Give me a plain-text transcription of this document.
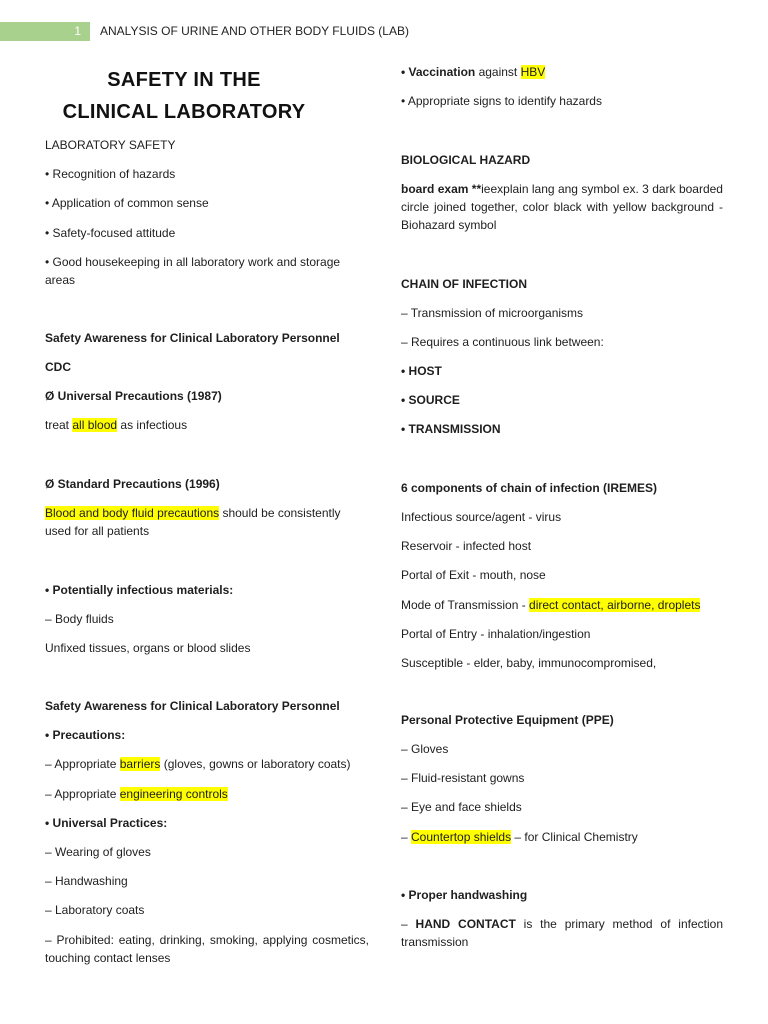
1	ANALYSIS OF URINE AND OTHER BODY FLUIDS (LAB)
SAFETY IN THE
CLINICAL LABORATORY
LABORATORY SAFETY
• Recognition of hazards
• Application of common sense
• Safety-focused attitude
• Good housekeeping in all laboratory work and storage areas
Safety Awareness for Clinical Laboratory Personnel
CDC
Ø Universal Precautions (1987)
treat all blood as infectious
Ø Standard Precautions (1996)
Blood and body fluid precautions should be consistently used for all patients
• Potentially infectious materials:
– Body fluids
Unfixed tissues, organs or blood slides
Safety Awareness for Clinical Laboratory Personnel
• Precautions:
– Appropriate barriers (gloves, gowns or laboratory coats)
– Appropriate engineering controls
• Universal Practices:
– Wearing of gloves
– Handwashing
– Laboratory coats
– Prohibited: eating, drinking, smoking, applying cosmetics, touching contact lenses
• Vaccination against HBV
• Appropriate signs to identify hazards
BIOLOGICAL HAZARD
board exam **ieexplain lang ang symbol ex. 3 dark boarded circle joined together, color black with yellow background - Biohazard symbol
CHAIN OF INFECTION
– Transmission of microorganisms
– Requires a continuous link between:
• HOST
• SOURCE
• TRANSMISSION
6 components of chain of infection (IREMES)
Infectious source/agent - virus
Reservoir - infected host
Portal of Exit - mouth, nose
Mode of Transmission - direct contact, airborne, droplets
Portal of Entry - inhalation/ingestion
Susceptible - elder, baby, immunocompromised,
Personal Protective Equipment (PPE)
– Gloves
– Fluid-resistant gowns
– Eye and face shields
– Countertop shields – for Clinical Chemistry
• Proper handwashing
– HAND CONTACT is the primary method of infection transmission
